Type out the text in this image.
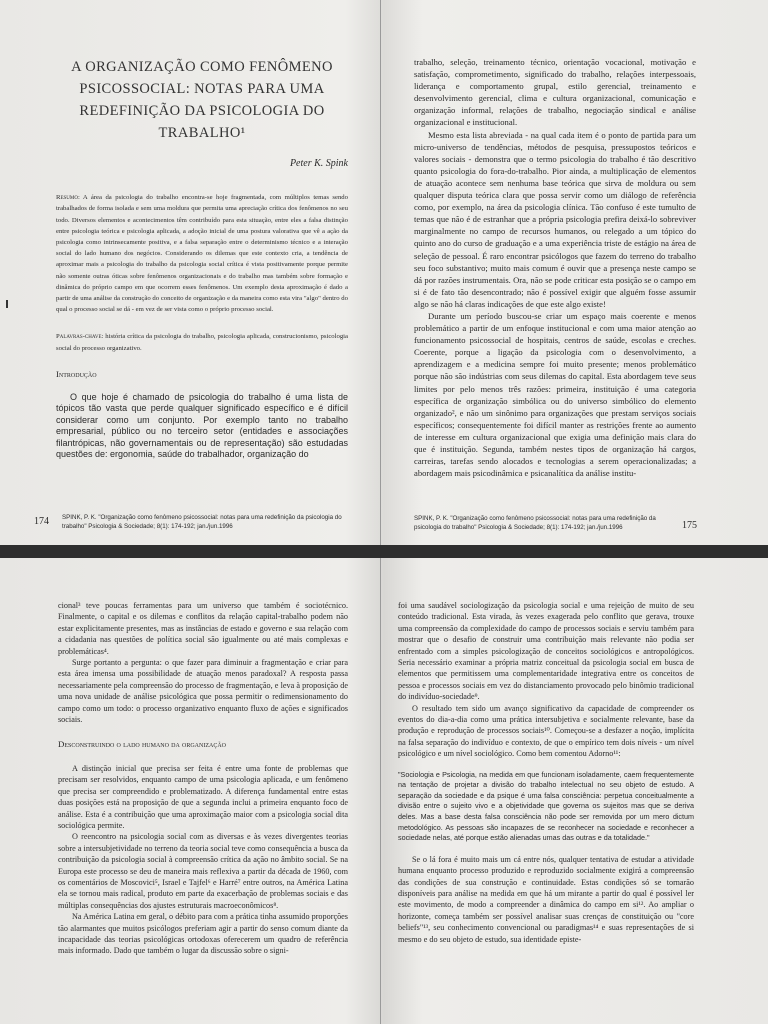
A ORGANIZAÇÃO COMO FENÔMENO
PSICOSSOCIAL: NOTAS PARA UMA
REDEFINIÇÃO DA PSICOLOGIA DO TRABALHO¹
Peter K. Spink
Resumo: A área da psicologia do trabalho encontra-se hoje fragmentada, com múltiplos temas sendo trabalhados de forma isolada e sem uma moldura que permita uma apreciação crítica dos fenômenos no seu todo. Diversos elementos e acontecimentos têm contribuído para esta situação, entre eles a falsa distinção entre psicologia teórica e psicologia aplicada, a adoção inicial de uma postura valorativa que vê a ação da psicologia como intrinsecamente positiva, e a falsa separação entre o determinismo técnico e a interação social do lado humano dos negócios. Considerando os dilemas que este contexto cria, a tendência de aproximar mais a psicologia do trabalho da psicologia social crítica é vista positivamente porque permite não somente outras óticas sobre fenômenos organizacionais e do trabalho mas também sobre formação e dinâmica do próprio campo em que ocorrem esses fenômenos. Um exemplo desta aproximação é dado a partir de uma análise da construção do conceito de organização e da maneira como esta vira "algo" dentro do qual o processo social se dá - em vez de ser vista como o próprio processo social.
Palavras-chave: história crítica da psicologia do trabalho, psicologia aplicada, construcionismo, psicologia social do processo organizativo.
Introdução

O que hoje é chamado de psicologia do trabalho é uma lista de tópicos tão vasta que perde qualquer significado específico e é difícil considerar como um conjunto. Por exemplo tanto no trabalho empresarial, público ou no terceiro setor (entidades e associações filantrópicas, não governamentais ou de representação) são estudadas questões de: ergonomia, saúde do trabalhador, organização do

174 SPINK, P. K. "Organização como fenômeno psicossocial: notas para uma redefinição da psicologia do trabalho" Psicologia & Sociedade; 8(1): 174-192; jan./jun.1996

trabalho, seleção, treinamento técnico, orientação vocacional, motivação e satisfação, comprometimento, significado do trabalho, relações interpessoais, liderança e comportamento grupal, estilo gerencial, treinamento e desenvolvimento gerencial, clima e cultura organizacional, comunicação e organização informal, relações de trabalho, negociação sindical e análise organizacional e institucional.

Mesmo esta lista abreviada - na qual cada item é o ponto de partida para um micro-universo de tendências, métodos de pesquisa, pressupostos teóricos e valores sociais - demonstra que o termo psicologia do trabalho é tão descritivo quanto psicologia do fora-do-trabalho. Pior ainda, a multiplicação de elementos de atuação acontece sem nenhuma base teórica que sirva de moldura ou sem qualquer disputa teórica clara que possa servir como um diálogo de referência como, por exemplo, na área da psicologia clínica. Tão confuso é este tumulto de temas que não é de estranhar que a própria psicologia prefira deixá-lo sobreviver marginalmente no campo de recursos humanos, ou relegado a um tópico do quinto ano do curso de graduação e a uma experiência triste de estágio na área de seleção de pessoal. É raro encontrar psicólogos que fazem do terreno do trabalho seu foco substantivo; muito mais comum é ouvir que a presença neste campo se dá por razões instrumentais. Ora, não se pode criticar esta posição se o campo em si é de fato tão desencontrado; não é possível exigir que alguém fosse assumir algo se não há claras indicações de que este algo existe!

Durante um período buscou-se criar um espaço mais coerente e menos problemático a partir de um enfoque institucional e com uma maior atenção ao funcionamento psicossocial de hospitais, centros de saúde, escolas e creches. Coerente, porque a ligação da psicologia com o desenvolvimento, a aprendizagem e a medicina sempre foi muito presente; menos problemático porque não são indústrias com seus dilemas do capital. Esta abordagem teve seus limites por pelo menos três razões: primeira, instituição é uma categoria específica de organização simbólica ou do universo simbólico do elemento organizado², e não um sinônimo para organizações que prestam serviços sociais específicos; consequentemente foi difícil manter as restrições frente ao aumento de interesse em cultura organizacional que exigia uma definição mais clara do que é instituição. Segunda, também nestes tipos de organização há cargos, carreiras, tarefas sendo alocados e tecnologias a serem operacionalizadas; a abordagem mais psicodinâmica e psicanalítica da análise institu-

SPINK, P. K. "Organização como fenômeno psicossocial: notas para uma redefinição da psicologia do trabalho" Psicologia & Sociedade; 8(1): 174-192; jan./jun.1996	175

cional³ teve poucas ferramentas para um universo que também é sociotécnico. Finalmente, o capital e os dilemas e conflitos da relação capital-trabalho podem não estar explicitamente presentes, mas as instâncias de estado e governo e sua relação com a cidadania nas questões de política social são igualmente ou até mais complexas e problemáticas⁴.

Surge portanto a pergunta: o que fazer para diminuir a fragmentação e criar para esta área imensa uma possibilidade de atuação menos paradoxal? A resposta passa necessariamente pela compreensão do processo de fragmentação, e leva à proposição de uma nova unidade de análise psicológica que possa permitir o redimensionamento do campo como um todo: o processo organizativo enquanto fluxo de ações e significados sociais.

Desconstruindo o lado humano da organização

A distinção inicial que precisa ser feita é entre uma fonte de problemas que precisam ser resolvidos, enquanto campo de uma psicologia aplicada, e um fenômeno que precisa ser compreendido e problematizado. A diferença fundamental entre estas duas posições está na proposição de que a segunda inclui a primeira enquanto foco de análise. Esta é a contribuição que uma aproximação maior com a psicologia social dita sociológica permite.

O reencontro na psicologia social com as diversas e às vezes divergentes teorias sobre a intersubjetividade no terreno da teoria social teve como consequência a busca da contribuição da psicologia social à compreensão crítica da ação no âmbito social. Se na Europa este processo se deu de maneira mais reflexiva a partir da década de 1960, com os comentários de Moscovici⁵, Israel e Tajfel⁶ e Harré⁷ entre outros, na América Latina ela se tornou mais radical, produto em parte da exacerbação de problemas sociais e das múltiplas consequências dos ajustes estruturais macroeconômicos⁸.

Na América Latina em geral, o débito para com a prática tinha assumido proporções tão alarmantes que muitos psicólogos preferiam agir a partir do senso comum diante da incapacidade das teorias psicológicas ortodoxas oferecerem um quadro de referência mais informado. Dado que também o lugar da discussão sobre o signi-

foi uma saudável sociologização da psicologia social e uma rejeição de muito de seu conteúdo tradicional. Esta virada, às vezes exagerada pelo conflito que gerava, trouxe uma compreensão da complexidade do campo de processos sociais e serviu também para mostrar que o desafio de construir uma contribuição mais relevante não podia ser enfrentado com a simples psicologização de conceitos sociológicos e antropológicos. Seria necessário examinar a própria matriz conceitual da psicologia social em busca de elementos que permitissem uma complementaridade integrativa entre os conceitos de pessoa e processos sociais em vez do distanciamento provocado pelo binômio tradicional do indivíduo-sociedade⁹.

O resultado tem sido um avanço significativo da capacidade de compreender os eventos do dia-a-dia como uma prática intersubjetiva e socialmente relevante, base da produção e reprodução de processos sociais¹⁰. Começou-se a desfazer a noção, implícita na falsa separação do indivíduo e contexto, de que o empírico tem dois níveis - um nível psicológico e um nível sociológico. Como bem comentou Adorno¹¹:

"Sociologia e Psicologia, na medida em que funcionam isoladamente, caem frequentemente na tentação de projetar a divisão do trabalho intelectual no seu objeto de estudo. A separação da sociedade e da psique é uma falsa consciência: perpetua conceitualmente a divisão entre o sujeito vivo e a objetividade que governa os sujeitos mas que se deriva deles. Mas a base desta falsa consciência não pode ser removida por um mero dictum metodológico. As pessoas são incapazes de se reconhecer na sociedade e reconhecer a sociedade nelas, até porque estão alienadas umas das outras e da totalidade."

Se o lá fora é muito mais um cá entre nós, qualquer tentativa de estudar a atividade humana enquanto processo produzido e reproduzido socialmente exigirá a compreensão das condições de sua construção e continuidade. Estas condições só se tornarão disponíveis para análise na medida em que há um mirante a partir do qual é possível ler este movimento, de modo a compreender a dinâmica do campo em si¹². Ao ampliar o horizonte, começa também ser possível analisar suas crenças de constituição ou "core beliefs"¹³, seu conhecimento convencional ou paradigmas¹⁴ e suas representações de si mesmo e do seu objeto de estudo, sua identidade episte-
